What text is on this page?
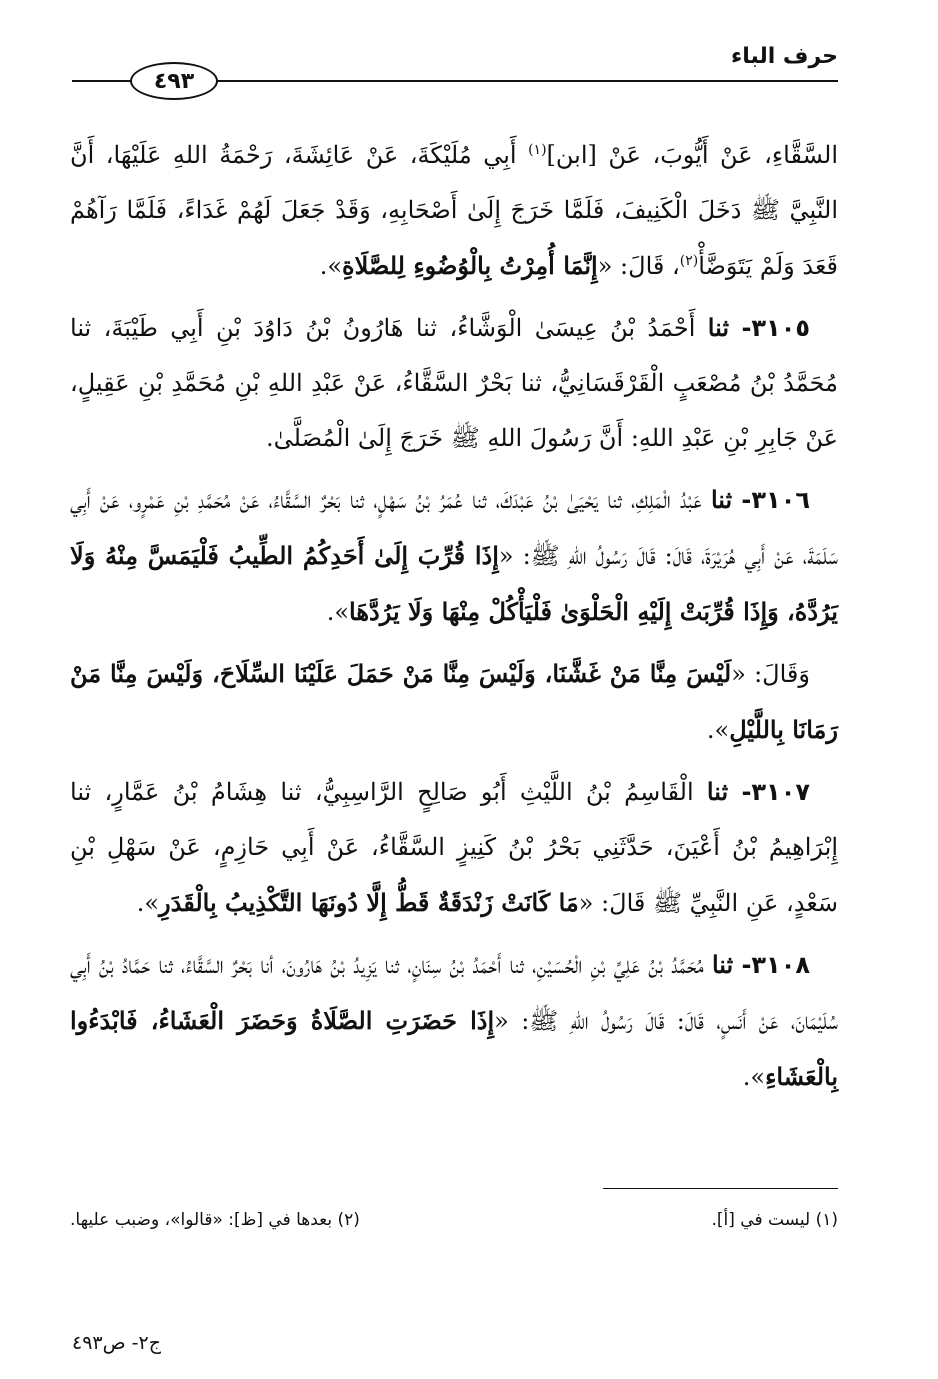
حرف الباء
٤٩٣

السَّقَّاءِ، عَنْ أَيُّوبَ، عَنْ [ابن]$^{(١)}$ أَبِي مُلَيْكَةَ، عَنْ عَائِشَةَ، رَحْمَةُ اللهِ عَلَيْهَا، أَنَّ النَّبِيَّ ﷺ دَخَلَ الْكَنِيفَ، فَلَمَّا خَرَجَ إِلَىٰ أَصْحَابِهِ، وَقَدْ جَعَلَ لَهُمْ غَدَاءً، فَلَمَّا رَآهُمْ قَعَدَ وَلَمْ يَتَوَضَّأْ$^{(٢)}$، قَالَ: «إِنَّمَا أُمِرْتُ بِالْوُضُوءِ لِلصَّلَاةِ».

٣١٠٥- ثنا أَحْمَدُ بْنُ عِيسَىٰ الْوَشَّاءُ، ثنا هَارُونُ بْنُ دَاوُدَ بْنِ أَبِي طَيْبَةَ، ثنا مُحَمَّدُ بْنُ مُصْعَبٍ الْقَرْقَسَانِيُّ، ثنا بَحْرٌ السَّقَّاءُ، عَنْ عَبْدِ اللهِ بْنِ مُحَمَّدِ بْنِ عَقِيلٍ، عَنْ جَابِرِ بْنِ عَبْدِ اللهِ: أَنَّ رَسُولَ اللهِ ﷺ خَرَجَ إِلَىٰ الْمُصَلَّىٰ.

٣١٠٦- ثنا عَبْدُ الْمَلِكِ، ثنا يَحْيَىٰ بْنُ عَبْدَكَ، ثنا عُمَرُ بْنُ سَهْلٍ، ثنا بَحْرٌ السَّقَّاءُ، عَنْ مُحَمَّدِ بْنِ عَمْرٍو، عَنْ أَبِي سَلَمَةَ، عَنْ أَبِي هُرَيْرَةَ، قَالَ: قَالَ رَسُولُ اللهِ ﷺ: «إِذَا قُرِّبَ إِلَىٰ أَحَدِكُمُ الطِّيبُ فَلْيَمَسَّ مِنْهُ وَلَا يَرُدَّهُ، وَإِذَا قُرِّبَتْ إِلَيْهِ الْحَلْوَىٰ فَلْيَأْكُلْ مِنْهَا وَلَا يَرُدَّهَا».

وَقَالَ: «لَيْسَ مِنَّا مَنْ غَشَّنَا، وَلَيْسَ مِنَّا مَنْ حَمَلَ عَلَيْنَا السِّلَاحَ، وَلَيْسَ مِنَّا مَنْ رَمَانَا بِاللَّيْلِ».

٣١٠٧- ثنا الْقَاسِمُ بْنُ اللَّيْثِ أَبُو صَالِحٍ الرَّاسِبِيُّ، ثنا هِشَامُ بْنُ عَمَّارٍ، ثنا إِبْرَاهِيمُ بْنُ أَعْيَنَ، حَدَّثَنِي بَحْرُ بْنُ كَنِيزٍ السَّقَّاءُ، عَنْ أَبِي حَازِمٍ، عَنْ سَهْلِ بْنِ سَعْدٍ، عَنِ النَّبِيِّ ﷺ قَالَ: «مَا كَانَتْ زَنْدَقَةٌ قَطُّ إِلَّا دُونَهَا التَّكْذِيبُ بِالْقَدَرِ».

٣١٠٨- ثنا مُحَمَّدُ بْنُ عَلِيِّ بْنِ الْحُسَيْنِ، ثنا أَحْمَدُ بْنُ سِنَانٍ، ثنا يَزِيدُ بْنُ هَارُونَ، أنا بَحْرٌ السَّقَّاءُ، ثنا حَمَّادُ بْنُ أَبِي سُلَيْمَانَ، عَنْ أَنَسٍ، قَالَ: قَالَ رَسُولُ اللهِ ﷺ: «إِذَا حَضَرَتِ الصَّلَاةُ وَحَضَرَ الْعَشَاءُ، فَابْدَءُوا بِالْعَشَاءِ».

(١) ليست في [أ].
(٢) بعدها في [ظ]: «قالوا»، وضبب عليها.
ج٢- ص٤٩٣
